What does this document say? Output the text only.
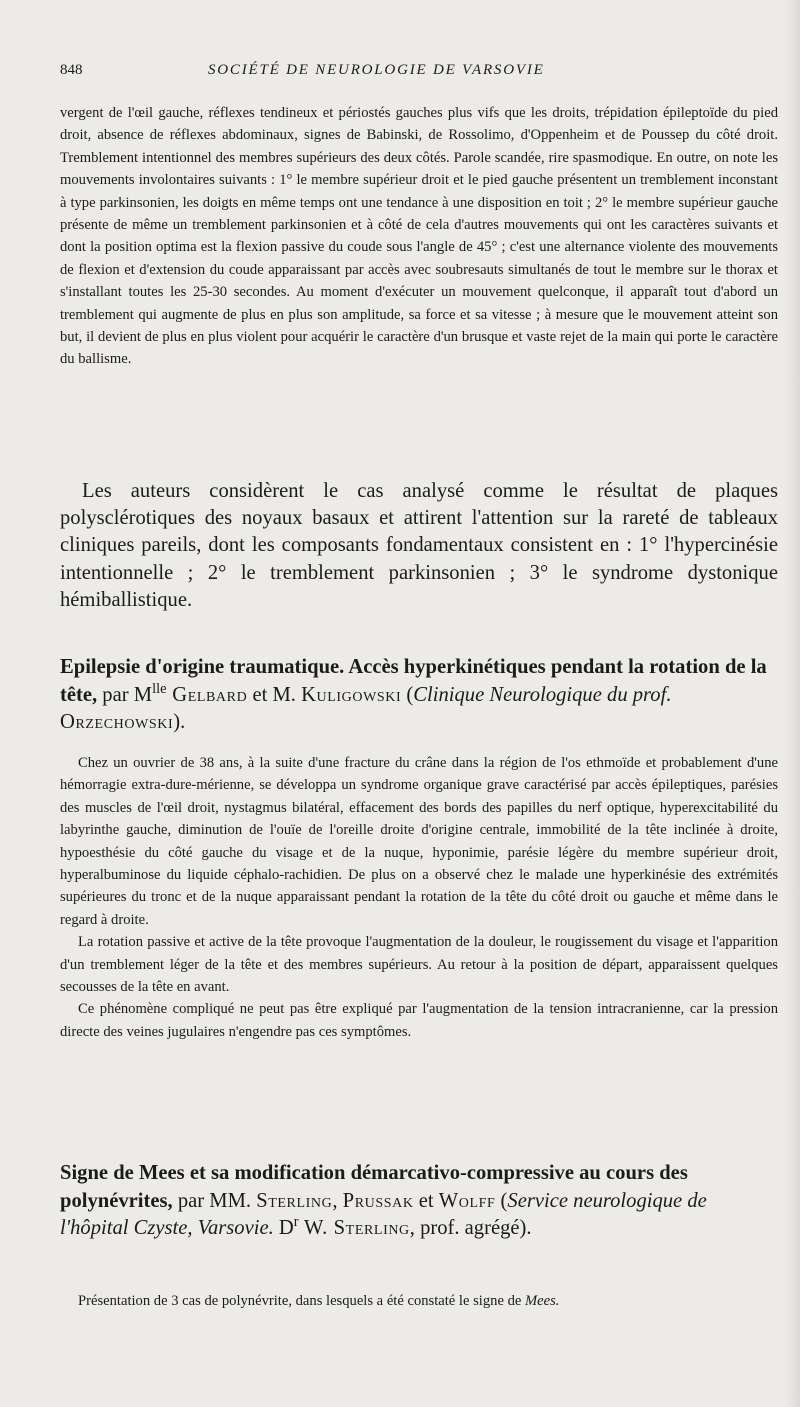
848	SOCIÉTÉ DE NEUROLOGIE DE VARSOVIE

vergent de l'œil gauche, réflexes tendineux et périostés gauches plus vifs que les droits, trépidation épileptoïde du pied droit, absence de réflexes abdominaux, signes de Babinski, de Rossolimo, d'Oppenheim et de Poussep du côté droit. Tremblement intentionnel des membres supérieurs des deux côtés. Parole scandée, rire spasmodique. En outre, on note les mouvements involontaires suivants : 1° le membre supérieur droit et le pied gauche présentent un tremblement inconstant à type parkinsonien, les doigts en même temps ont une tendance à une disposition en toit ; 2° le membre supérieur gauche présente de même un tremblement parkinsonien et à côté de cela d'autres mouvements qui ont les caractères suivants et dont la position optima est la flexion passive du coude sous l'angle de 45° ; c'est une alternance violente des mouvements de flexion et d'extension du coude apparaissant par accès avec soubresauts simultanés de tout le membre sur le thorax et s'installant toutes les 25-30 secondes. Au moment d'exécuter un mouvement quelconque, il apparaît tout d'abord un tremblement qui augmente de plus en plus son amplitude, sa force et sa vitesse ; à mesure que le mouvement atteint son but, il devient de plus en plus violent pour acquérir le caractère d'un brusque et vaste rejet de la main qui porte le caractère du ballisme.

Les auteurs considèrent le cas analysé comme le résultat de plaques polysclérotiques des noyaux basaux et attirent l'attention sur la rareté de tableaux cliniques pareils, dont les composants fondamentaux consistent en : 1° l'hypercinésie intentionnelle ; 2° le tremblement parkinsonien ; 3° le syndrome dystonique hémiballistique.

Epilepsie d'origine traumatique. Accès hyperkinétiques pendant la rotation de la tête, par $M^{lle}$ Gelbard et M. Kuligowski (Clinique Neurologique du prof. Orzechowski).

Chez un ouvrier de 38 ans, à la suite d'une fracture du crâne dans la région de l'os ethmoïde et probablement d'une hémorragie extra-dure-mérienne, se développa un syndrome organique grave caractérisé par accès épileptiques, parésies des muscles de l'œil droit, nystagmus bilatéral, effacement des bords des papilles du nerf optique, hyperexcitabilité du labyrinthe gauche, diminution de l'ouïe de l'oreille droite d'origine centrale, immobilité de la tête inclinée à droite, hypoesthésie du côté gauche du visage et de la nuque, hyponimie, parésie légère du membre supérieur droit, hyperalbuminose du liquide céphalo-rachidien. De plus on a observé chez le malade une hyperkinésie des extrémités supérieures du tronc et de la nuque apparaissant pendant la rotation de la tête du côté droit ou gauche et même dans le regard à droite.

La rotation passive et active de la tête provoque l'augmentation de la douleur, le rougissement du visage et l'apparition d'un tremblement léger de la tête et des membres supérieurs. Au retour à la position de départ, apparaissent quelques secousses de la tête en avant.

Ce phénomène compliqué ne peut pas être expliqué par l'augmentation de la tension intracranienne, car la pression directe des veines jugulaires n'engendre pas ces symptômes.

Signe de Mees et sa modification démarcativo-compressive au cours des polynévrites, par MM. Sterling, Prussak et Wolff (Service neurologique de l'hôpital Czyste, Varsovie. $D^r$ W. Sterling, prof. agrégé).

Présentation de 3 cas de polynévrite, dans lesquels a été constaté le signe de Mees.
